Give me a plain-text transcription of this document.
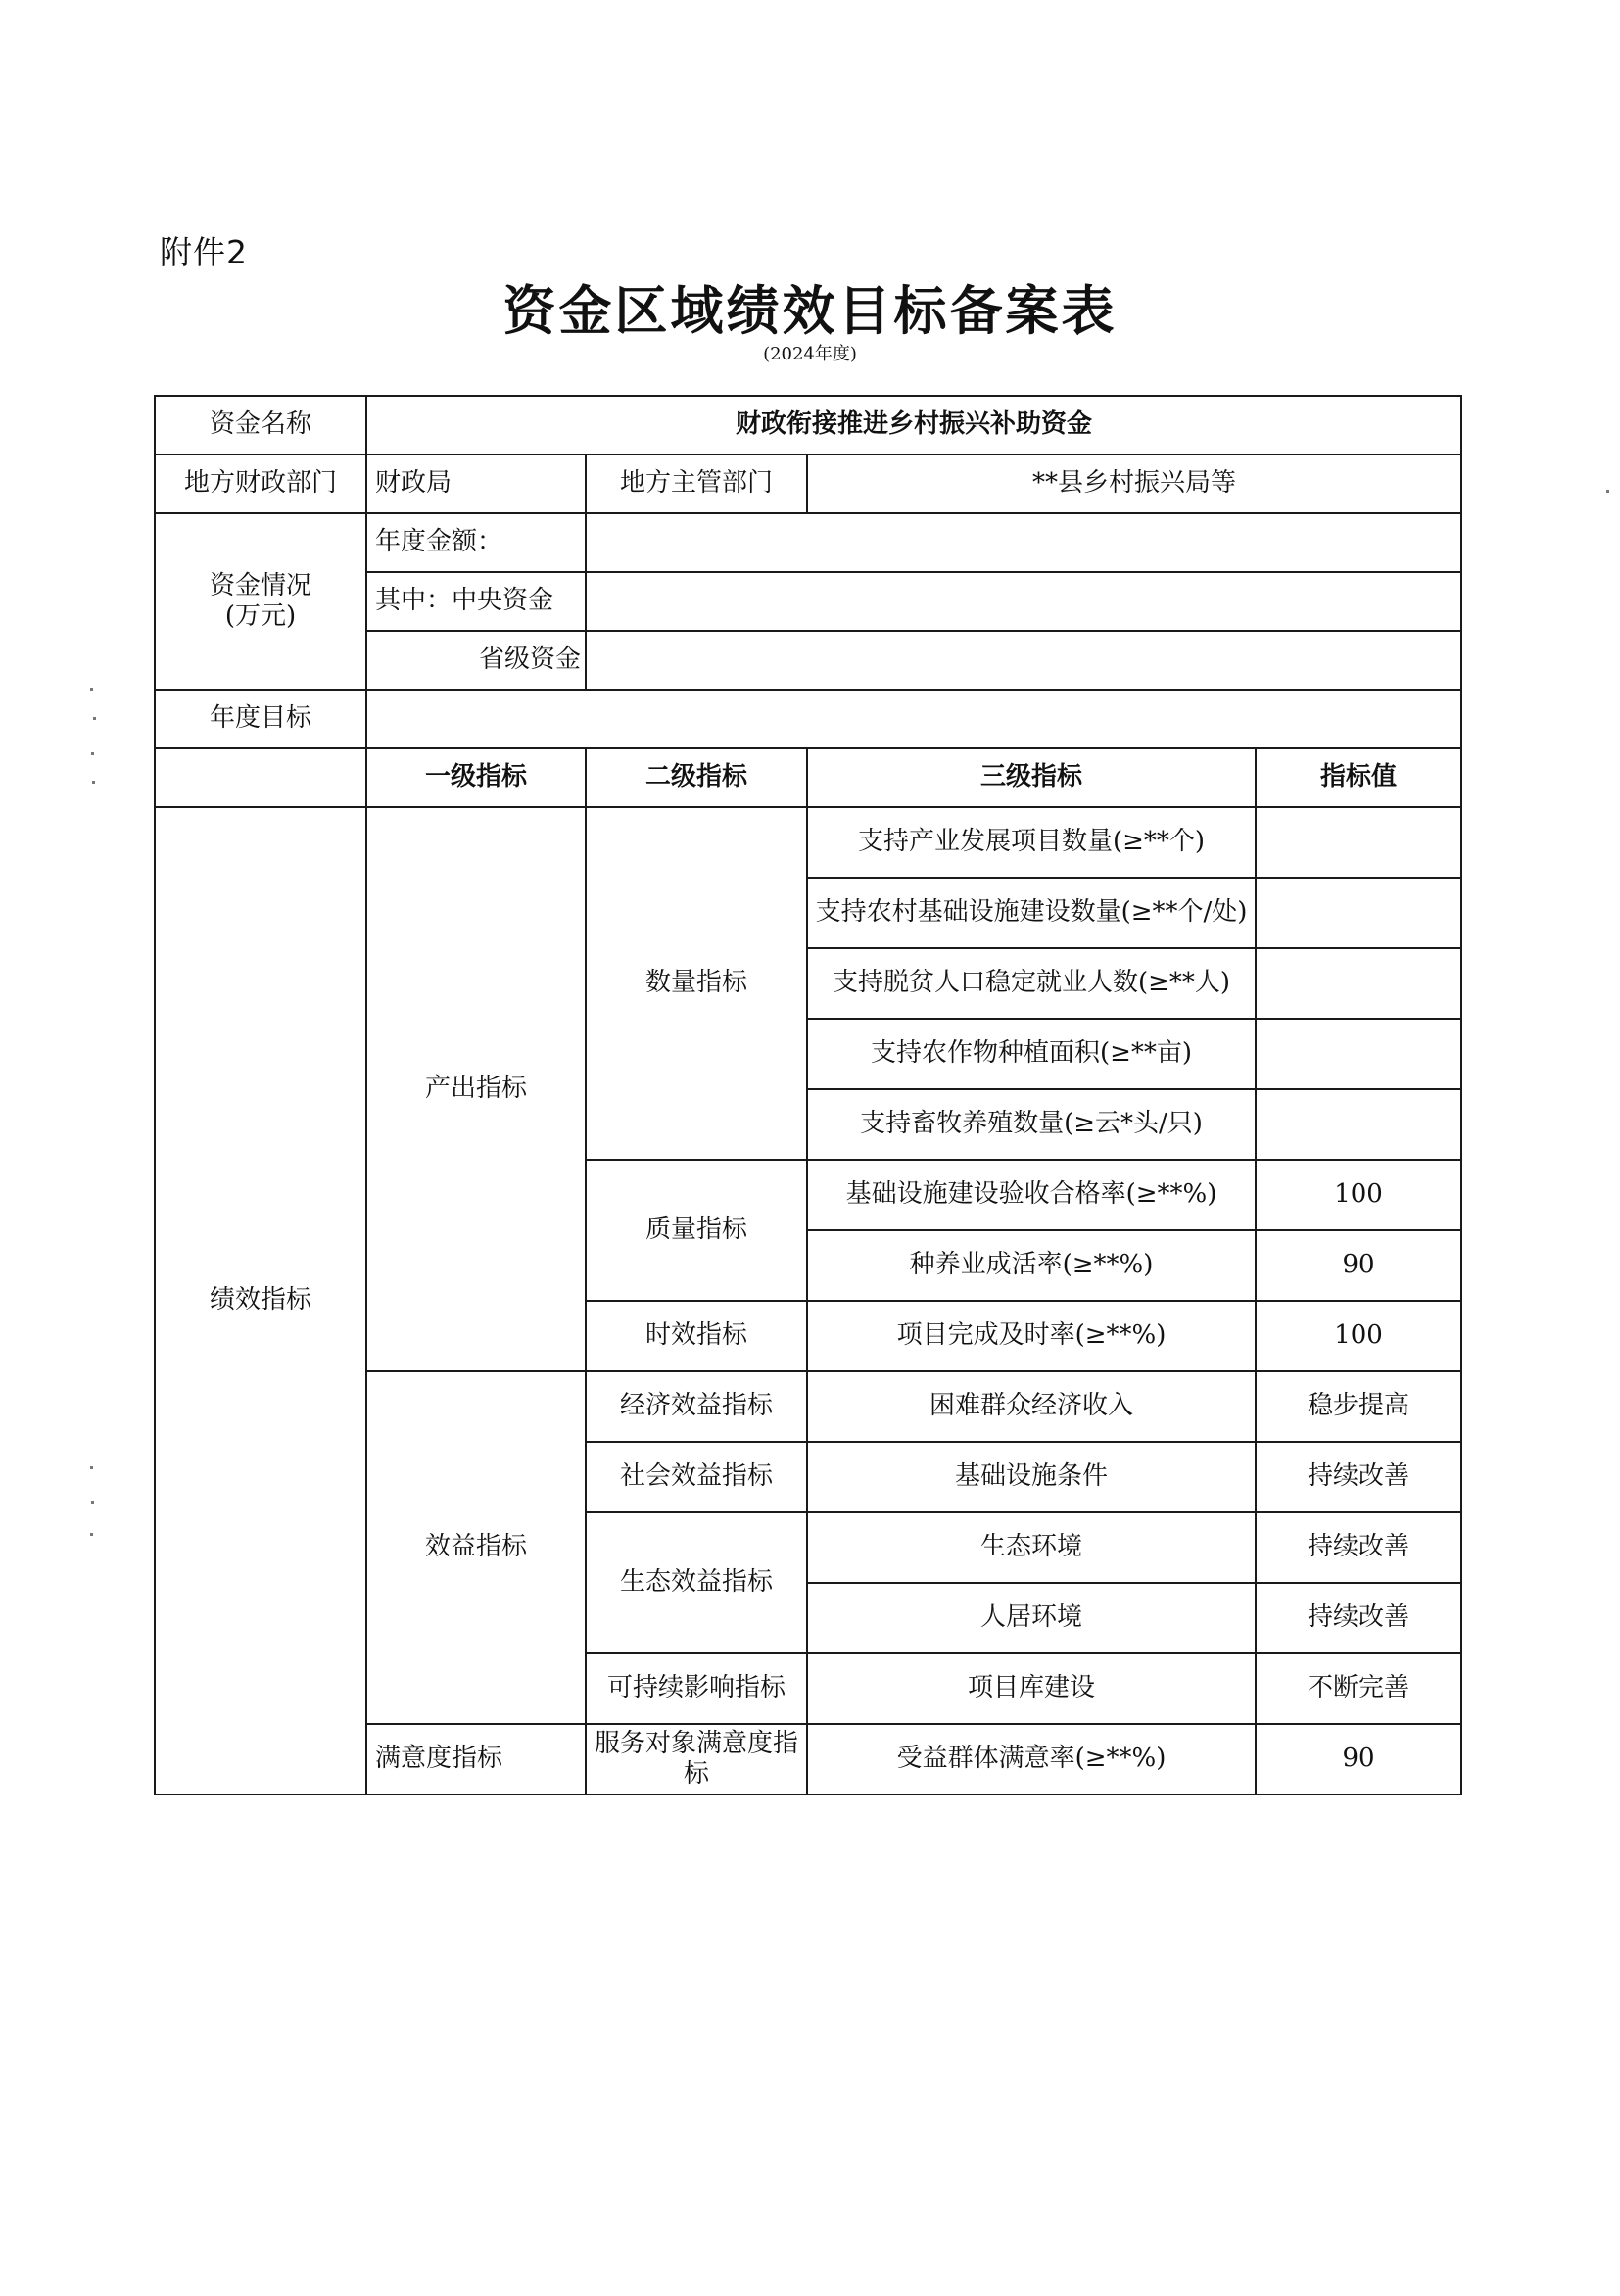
附件2
资金区域绩效目标备案表
(2024年度)
资金名称	财政衔接推进乡村振兴补助资金			
地方财政部门	财政局	地方主管部门	**县乡村振兴局等	

资金情况
(万元)	年度金额：			
	其中：中央资金			
	省级资金			
年度目标				
	一级指标	二级指标	三级指标	指标值
绩效指标	产出指标	数量指标	支持产业发展项目数量(≥**个)	
			支持农村基础设施建设数量(≥**个/处)	
			支持脱贫人口稳定就业人数(≥**人)	
			支持农作物种植面积(≥**亩)	
			支持畜牧养殖数量(≥云*头/只)	
		质量指标	基础设施建设验收合格率(≥**%)	100
			种养业成活率(≥**%)	90
		时效指标	项目完成及时率(≥**%)	100
	效益指标	经济效益指标	困难群众经济收入	稳步提高
		社会效益指标	基础设施条件	持续改善
		生态效益指标	生态环境	持续改善
			人居环境	持续改善
		可持续影响指标	项目库建设	不断完善
	满意度指标	服务对象满意度指标	受益群体满意率(≥**%)	90
